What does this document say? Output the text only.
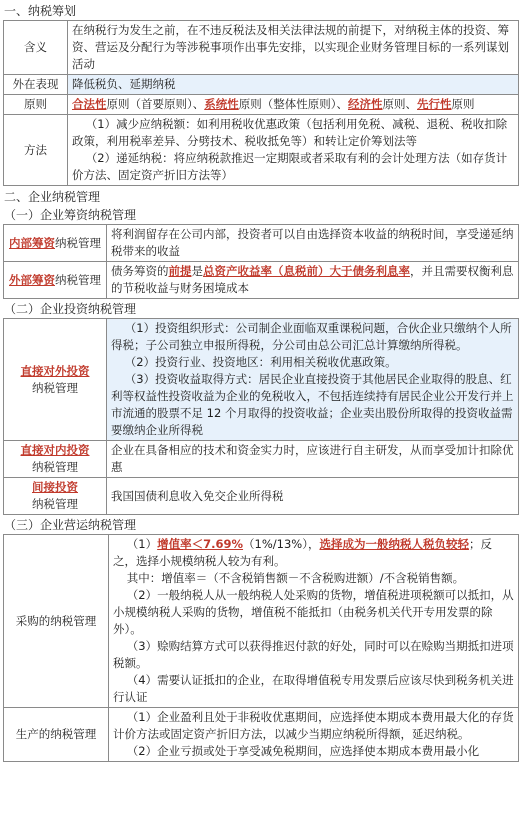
一、纳税筹划
含义	在纳税行为发生之前，在不违反税法及相关法律法规的前提下，对纳税主体的投资、筹资、营运及分配行为等涉税事项作出事先安排，以实现企业财务管理目标的一系列谋划活动
外在表现	降低税负、延期纳税
原则	合法性原则（首要原则）、系统性原则（整体性原则）、经济性原则、先行性原则
方法	（1）减少应纳税额：如利用税收优惠政策（包括利用免税、减税、退税、税收扣除政策，利用税率差异、分劈技术、税收抵免等）和转让定价筹划法等
（2）递延纳税：将应纳税款推迟一定期限或者采取有利的会计处理方法（如存货计价方法、固定资产折旧方法等）
二、企业纳税管理
（一）企业筹资纳税管理
内部筹资纳税管理	将利润留存在公司内部，投资者可以自由选择资本收益的纳税时间，享受递延纳税带来的收益
外部筹资纳税管理	债务筹资的前提是总资产收益率（息税前）大于债务利息率，并且需要权衡利息的节税收益与财务困境成本
（二）企业投资纳税管理
直接对外投资
纳税管理	（1）投资组织形式：公司制企业面临双重课税问题，合伙企业只缴纳个人所得税；子公司独立申报所得税，分公司由总公司汇总计算缴纳所得税。
（2）投资行业、投资地区：利用相关税收优惠政策。
（3）投资收益取得方式：居民企业直接投资于其他居民企业取得的股息、红利等权益性投资收益为企业的免税收入，不包括连续持有居民企业公开发行并上市流通的股票不足 12 个月取得的投资收益；企业卖出股份所取得的投资收益需要缴纳企业所得税

直接对内投资
纳税管理	企业在具备相应的技术和资金实力时，应该进行自主研发，从而享受加计扣除优惠

间接投资
纳税管理	我国国债利息收入免交企业所得税
（三）企业营运纳税管理
采购的纳税管理	（1）增值率＜7.69%（1%/13%），选择成为一般纳税人税负较轻；反之，选择小规模纳税人较为有利。
其中：增值率＝（不含税销售额－不含税购进额）/不含税销售额。
（2）一般纳税人从一般纳税人处采购的货物，增值税进项税额可以抵扣，从小规模纳税人采购的货物，增值税不能抵扣（由税务机关代开专用发票的除外）。
（3）赊购结算方式可以获得推迟付款的好处，同时可以在赊购当期抵扣进项税额。
（4）需要认证抵扣的企业，在取得增值税专用发票后应该尽快到税务机关进行认证

生产的纳税管理	（1）企业盈利且处于非税收优惠期间，应选择使本期成本费用最大化的存货计价方法或固定资产折旧方法，以减少当期应纳税所得额，延迟纳税。
（2）企业亏损或处于享受减免税期间，应选择使本期成本费用最小化
